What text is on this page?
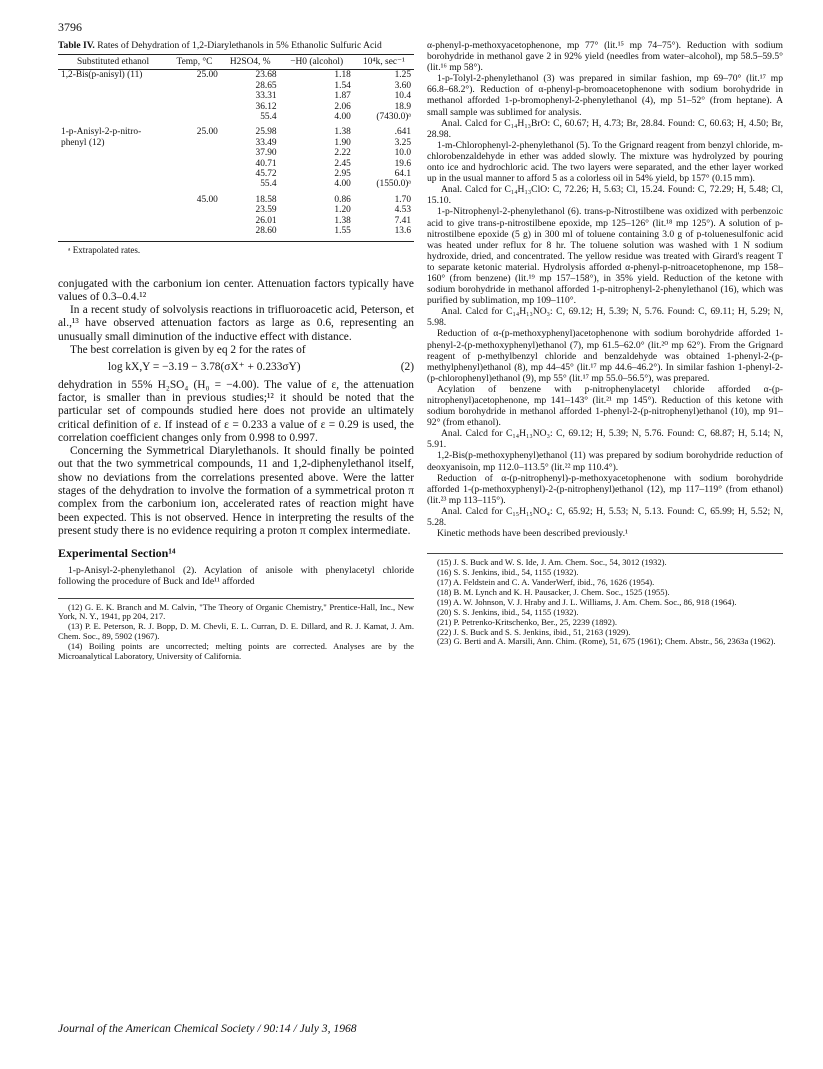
3796
Table IV. Rates of Dehydration of 1,2-Diarylethanols in 5% Ethanolic Sulfuric Acid
Substituted ethanol	Temp, °C	H2SO4, %	−H0 (alcohol)	10⁴k, sec⁻¹
1,2-Bis(p-anisyl) (11)	25.00	23.68	1.18	1.25
		28.65	1.54	3.60
		33.31	1.87	10.4
		36.12	2.06	18.9
		55.4	4.00	(7430.0)ᵃ
1-p-Anisyl-2-p-nitro-	25.00	25.98	1.38	.641
phenyl (12)		33.49	1.90	3.25
		37.90	2.22	10.0
		40.71	2.45	19.6
		45.72	2.95	64.1
		55.4	4.00	(1550.0)ᵃ
	45.00	18.58	0.86	1.70
		23.59	1.20	4.53
		26.01	1.38	7.41
		28.60	1.55	13.6
ᵃ Extrapolated rates.

conjugated with the carbonium ion center. Attenuation factors typically have values of 0.3–0.4.¹²

In a recent study of solvolysis reactions in trifluoroacetic acid, Peterson, et al.,¹³ have observed attenuation factors as large as 0.6, representing an unusually small diminution of the inductive effect with distance.

The best correlation is given by eq 2 for the rates of

log kX,Y = −3.19 − 3.78(σX⁺ + 0.233σY)	(2)

dehydration in 55% H₂SO₄ (H₀ = −4.00). The value of ε, the attenuation factor, is smaller than in previous studies;¹² it should be noted that the particular set of compounds studied here does not provide an ultimately critical definition of ε. If instead of ε = 0.233 a value of ε = 0.29 is used, the correlation coefficient changes only from 0.998 to 0.997.

Concerning the Symmetrical Diarylethanols. It should finally be pointed out that the two symmetrical compounds, 11 and 1,2-diphenylethanol itself, show no deviations from the correlations presented above. Were the latter stages of the dehydration to involve the formation of a symmetrical proton π complex from the carbonium ion, accelerated rates of reaction might have been expected. This is not observed. Hence in interpreting the results of the present study there is no evidence requiring a proton π complex intermediate.

Experimental Section¹⁴

1-p-Anisyl-2-phenylethanol (2). Acylation of anisole with phenylacetyl chloride following the procedure of Buck and Ide¹¹ afforded

(12) G. E. K. Branch and M. Calvin, "The Theory of Organic Chemistry," Prentice-Hall, Inc., New York, N. Y., 1941, pp 204, 217.

(13) P. E. Peterson, R. J. Bopp, D. M. Chevli, E. L. Curran, D. E. Dillard, and R. J. Kamat, J. Am. Chem. Soc., 89, 5902 (1967).

(14) Boiling points are uncorrected; melting points are corrected. Analyses are by the Microanalytical Laboratory, University of California.

α-phenyl-p-methoxyacetophenone, mp 77° (lit.¹⁵ mp 74–75°). Reduction with sodium borohydride in methanol gave 2 in 92% yield (needles from water–alcohol), mp 58.5–59.5° (lit.¹⁶ mp 58°).

1-p-Tolyl-2-phenylethanol (3) was prepared in similar fashion, mp 69–70° (lit.¹⁷ mp 66.8–68.2°). Reduction of α-phenyl-p-bromoacetophenone with sodium borohydride in methanol afforded 1-p-bromophenyl-2-phenylethanol (4), mp 51–52° (from heptane). A small sample was sublimed for analysis.

Anal. Calcd for C₁₄H₁₃BrO: C, 60.67; H, 4.73; Br, 28.84. Found: C, 60.63; H, 4.50; Br, 28.98.

1-m-Chlorophenyl-2-phenylethanol (5). To the Grignard reagent from benzyl chloride, m-chlorobenzaldehyde in ether was added slowly. The mixture was hydrolyzed by pouring onto ice and hydrochloric acid. The two layers were separated, and the ether layer worked up in the usual manner to afford 5 as a colorless oil in 54% yield, bp 157° (0.15 mm).

Anal. Calcd for C₁₄H₁₃ClO: C, 72.26; H, 5.63; Cl, 15.24. Found: C, 72.29; H, 5.48; Cl, 15.10.

1-p-Nitrophenyl-2-phenylethanol (6). trans-p-Nitrostilbene was oxidized with perbenzoic acid to give trans-p-nitrostilbene epoxide, mp 125–126° (lit.¹⁸ mp 125°). A solution of p-nitrostilbene epoxide (5 g) in 300 ml of toluene containing 3.0 g of p-toluenesulfonic acid was heated under reflux for 8 hr. The toluene solution was washed with 1 N sodium hydroxide, dried, and concentrated. The yellow residue was treated with Girard's reagent T to separate ketonic material. Hydrolysis afforded α-phenyl-p-nitroacetophenone, mp 158–160° (from benzene) (lit.¹⁹ mp 157–158°), in 35% yield. Reduction of the ketone with sodium borohydride in methanol afforded 1-p-nitrophenyl-2-phenylethanol (16), which was purified by sublimation, mp 109–110°.

Anal. Calcd for C₁₄H₁₃NO₃: C, 69.12; H, 5.39; N, 5.76. Found: C, 69.11; H, 5.29; N, 5.98.

Reduction of α-(p-methoxyphenyl)acetophenone with sodium borohydride afforded 1-phenyl-2-(p-methoxyphenyl)ethanol (7), mp 61.5–62.0° (lit.²⁰ mp 62°). From the Grignard reagent of p-methylbenzyl chloride and benzaldehyde was obtained 1-phenyl-2-(p-methylphenyl)ethanol (8), mp 44–45° (lit.¹⁷ mp 44.6–46.2°). In similar fashion 1-phenyl-2-(p-chlorophenyl)ethanol (9), mp 55° (lit.¹⁷ mp 55.0–56.5°), was prepared.

Acylation of benzene with p-nitrophenylacetyl chloride afforded α-(p-nitrophenyl)acetophenone, mp 141–143° (lit.²¹ mp 145°). Reduction of this ketone with sodium borohydride in methanol afforded 1-phenyl-2-(p-nitrophenyl)ethanol (10), mp 91–92° (from ethanol).

Anal. Calcd for C₁₄H₁₃NO₃: C, 69.12; H, 5.39; N, 5.76. Found: C, 68.87; H, 5.14; N, 5.91.

1,2-Bis(p-methoxyphenyl)ethanol (11) was prepared by sodium borohydride reduction of deoxyanisoin, mp 112.0–113.5° (lit.²² mp 110.4°).

Reduction of α-(p-nitrophenyl)-p-methoxyacetophenone with sodium borohydride afforded 1-(p-methoxyphenyl)-2-(p-nitrophenyl)ethanol (12), mp 117–119° (from ethanol) (lit.²³ mp 113–115°).

Anal. Calcd for C₁₅H₁₅NO₄: C, 65.92; H, 5.53; N, 5.13. Found: C, 65.99; H, 5.52; N, 5.28.

Kinetic methods have been described previously.¹

(15) J. S. Buck and W. S. Ide, J. Am. Chem. Soc., 54, 3012 (1932).

(16) S. S. Jenkins, ibid., 54, 1155 (1932).

(17) A. Feldstein and C. A. VanderWerf, ibid., 76, 1626 (1954).

(18) B. M. Lynch and K. H. Pausacker, J. Chem. Soc., 1525 (1955).

(19) A. W. Johnson, V. J. Hraby and J. L. Williams, J. Am. Chem. Soc., 86, 918 (1964).

(20) S. S. Jenkins, ibid., 54, 1155 (1932).

(21) P. Petrenko-Kritschenko, Ber., 25, 2239 (1892).

(22) J. S. Buck and S. S. Jenkins, ibid., 51, 2163 (1929).

(23) G. Berti and A. Marsili, Ann. Chim. (Rome), 51, 675 (1961); Chem. Abstr., 56, 2363a (1962).

Journal of the American Chemical Society / 90:14 / July 3, 1968
